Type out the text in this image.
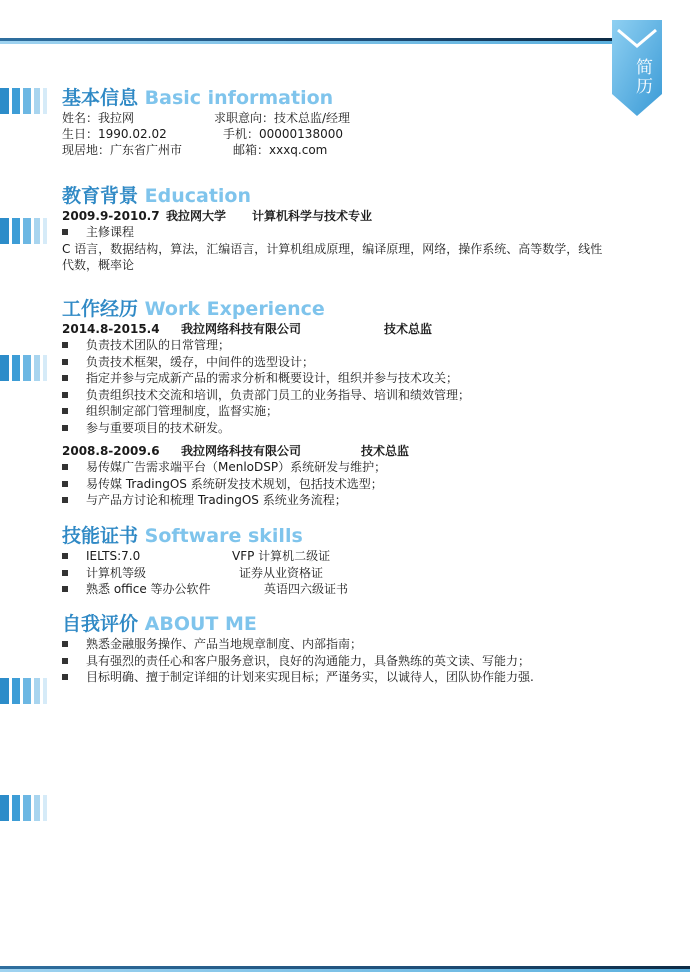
简历
基本信息 Basic information
姓名：我拉网	求职意向：技术总监/经理
生日：1990.02.02	手机：00000138000
现居地：广东省广州市	邮箱：xxxq.com
教育背景 Education
2009.9-2010.7 我拉网大学 计算机科学与技术专业
主修课程
C 语言，数据结构，算法，汇编语言，计算机组成原理，编译原理，网络，操作系统、高等数学，线性代数，概率论
工作经历 Work Experience
2014.8-2015.4 我拉网络科技有限公司	技术总监
负责技术团队的日常管理；
负责技术框架，缓存，中间件的选型设计；
指定并参与完成新产品的需求分析和概要设计，组织并参与技术攻关；
负责组织技术交流和培训，负责部门员工的业务指导、培训和绩效管理；
组织制定部门管理制度，监督实施；
参与重要项目的技术研发。
2008.8-2009.6 我拉网络科技有限公司	技术总监
易传媒广告需求端平台（MenloDSP）系统研发与维护；
易传媒 TradingOS 系统研发技术规划，包括技术选型；
与产品方讨论和梳理 TradingOS 系统业务流程；
技能证书 Software skills
IELTS:7.0	VFP 计算机二级证
计算机等级	证券从业资格证
熟悉 office 等办公软件	英语四六级证书
自我评价 ABOUT ME
熟悉金融服务操作、产品当地规章制度、内部指南；
具有强烈的责任心和客户服务意识，良好的沟通能力，具备熟练的英文读、写能力；
目标明确、擅于制定详细的计划来实现目标；严谨务实，以诚待人，团队协作能力强.
